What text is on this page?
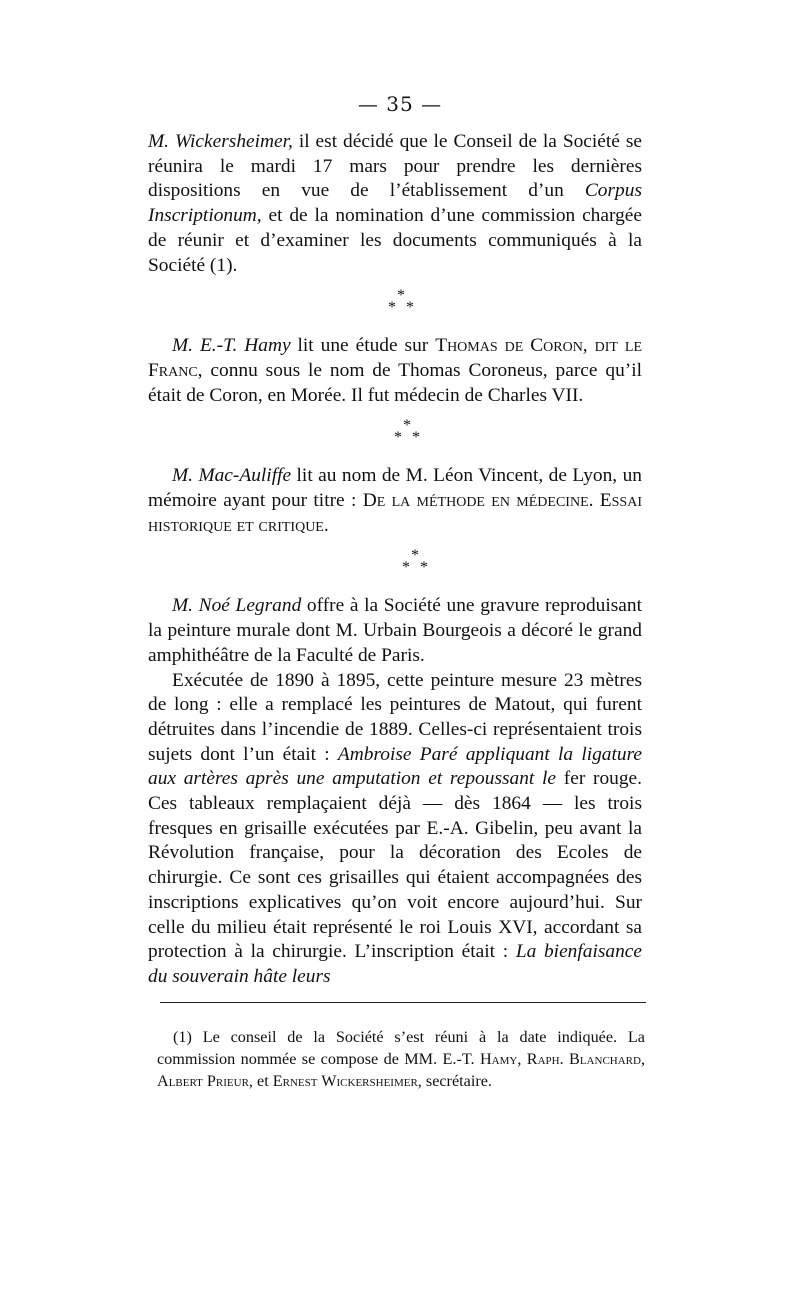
— 35 —

M. Wickersheimer, il est décidé que le Conseil de la Société se réunira le mardi 17 mars pour prendre les dernières dispositions en vue de l’établissement d’un Corpus Inscriptionum, et de la nomination d’une commission chargée de réunir et d’examiner les documents communiqués à la Société (1).

*
* *

M. E.-T. Hamy lit une étude sur Thomas de Coron, dit le Franc, connu sous le nom de Thomas Coroneus, parce qu’il était de Coron, en Morée. Il fut médecin de Charles VII.

*
* *

M. Mac-Auliffe lit au nom de M. Léon Vincent, de Lyon, un mémoire ayant pour titre : De la méthode en médecine. Essai historique et critique.

*
* *

M. Noé Legrand offre à la Société une gravure reproduisant la peinture murale dont M. Urbain Bourgeois a décoré le grand amphithéâtre de la Faculté de Paris.

Exécutée de 1890 à 1895, cette peinture mesure 23 mètres de long : elle a remplacé les peintures de Matout, qui furent détruites dans l’incendie de 1889. Celles-ci représentaient trois sujets dont l’un était : Ambroise Paré appliquant la ligature aux artères après une amputation et repoussant le fer rouge. Ces tableaux remplaçaient déjà — dès 1864 — les trois fresques en grisaille exécutées par E.-A. Gibelin, peu avant la Révolution française, pour la décoration des Ecoles de chirurgie. Ce sont ces grisailles qui étaient accompagnées des inscriptions explicatives qu’on voit encore aujourd’hui. Sur celle du milieu était représenté le roi Louis XVI, accordant sa protection à la chirurgie. L’inscription était : La bienfaisance du souverain hâte leurs

(1) Le conseil de la Société s’est réuni à la date indiquée. La commission nommée se compose de MM. E.-T. Hamy, Raph. Blanchard, Albert Prieur, et Ernest Wickersheimer, secrétaire.
